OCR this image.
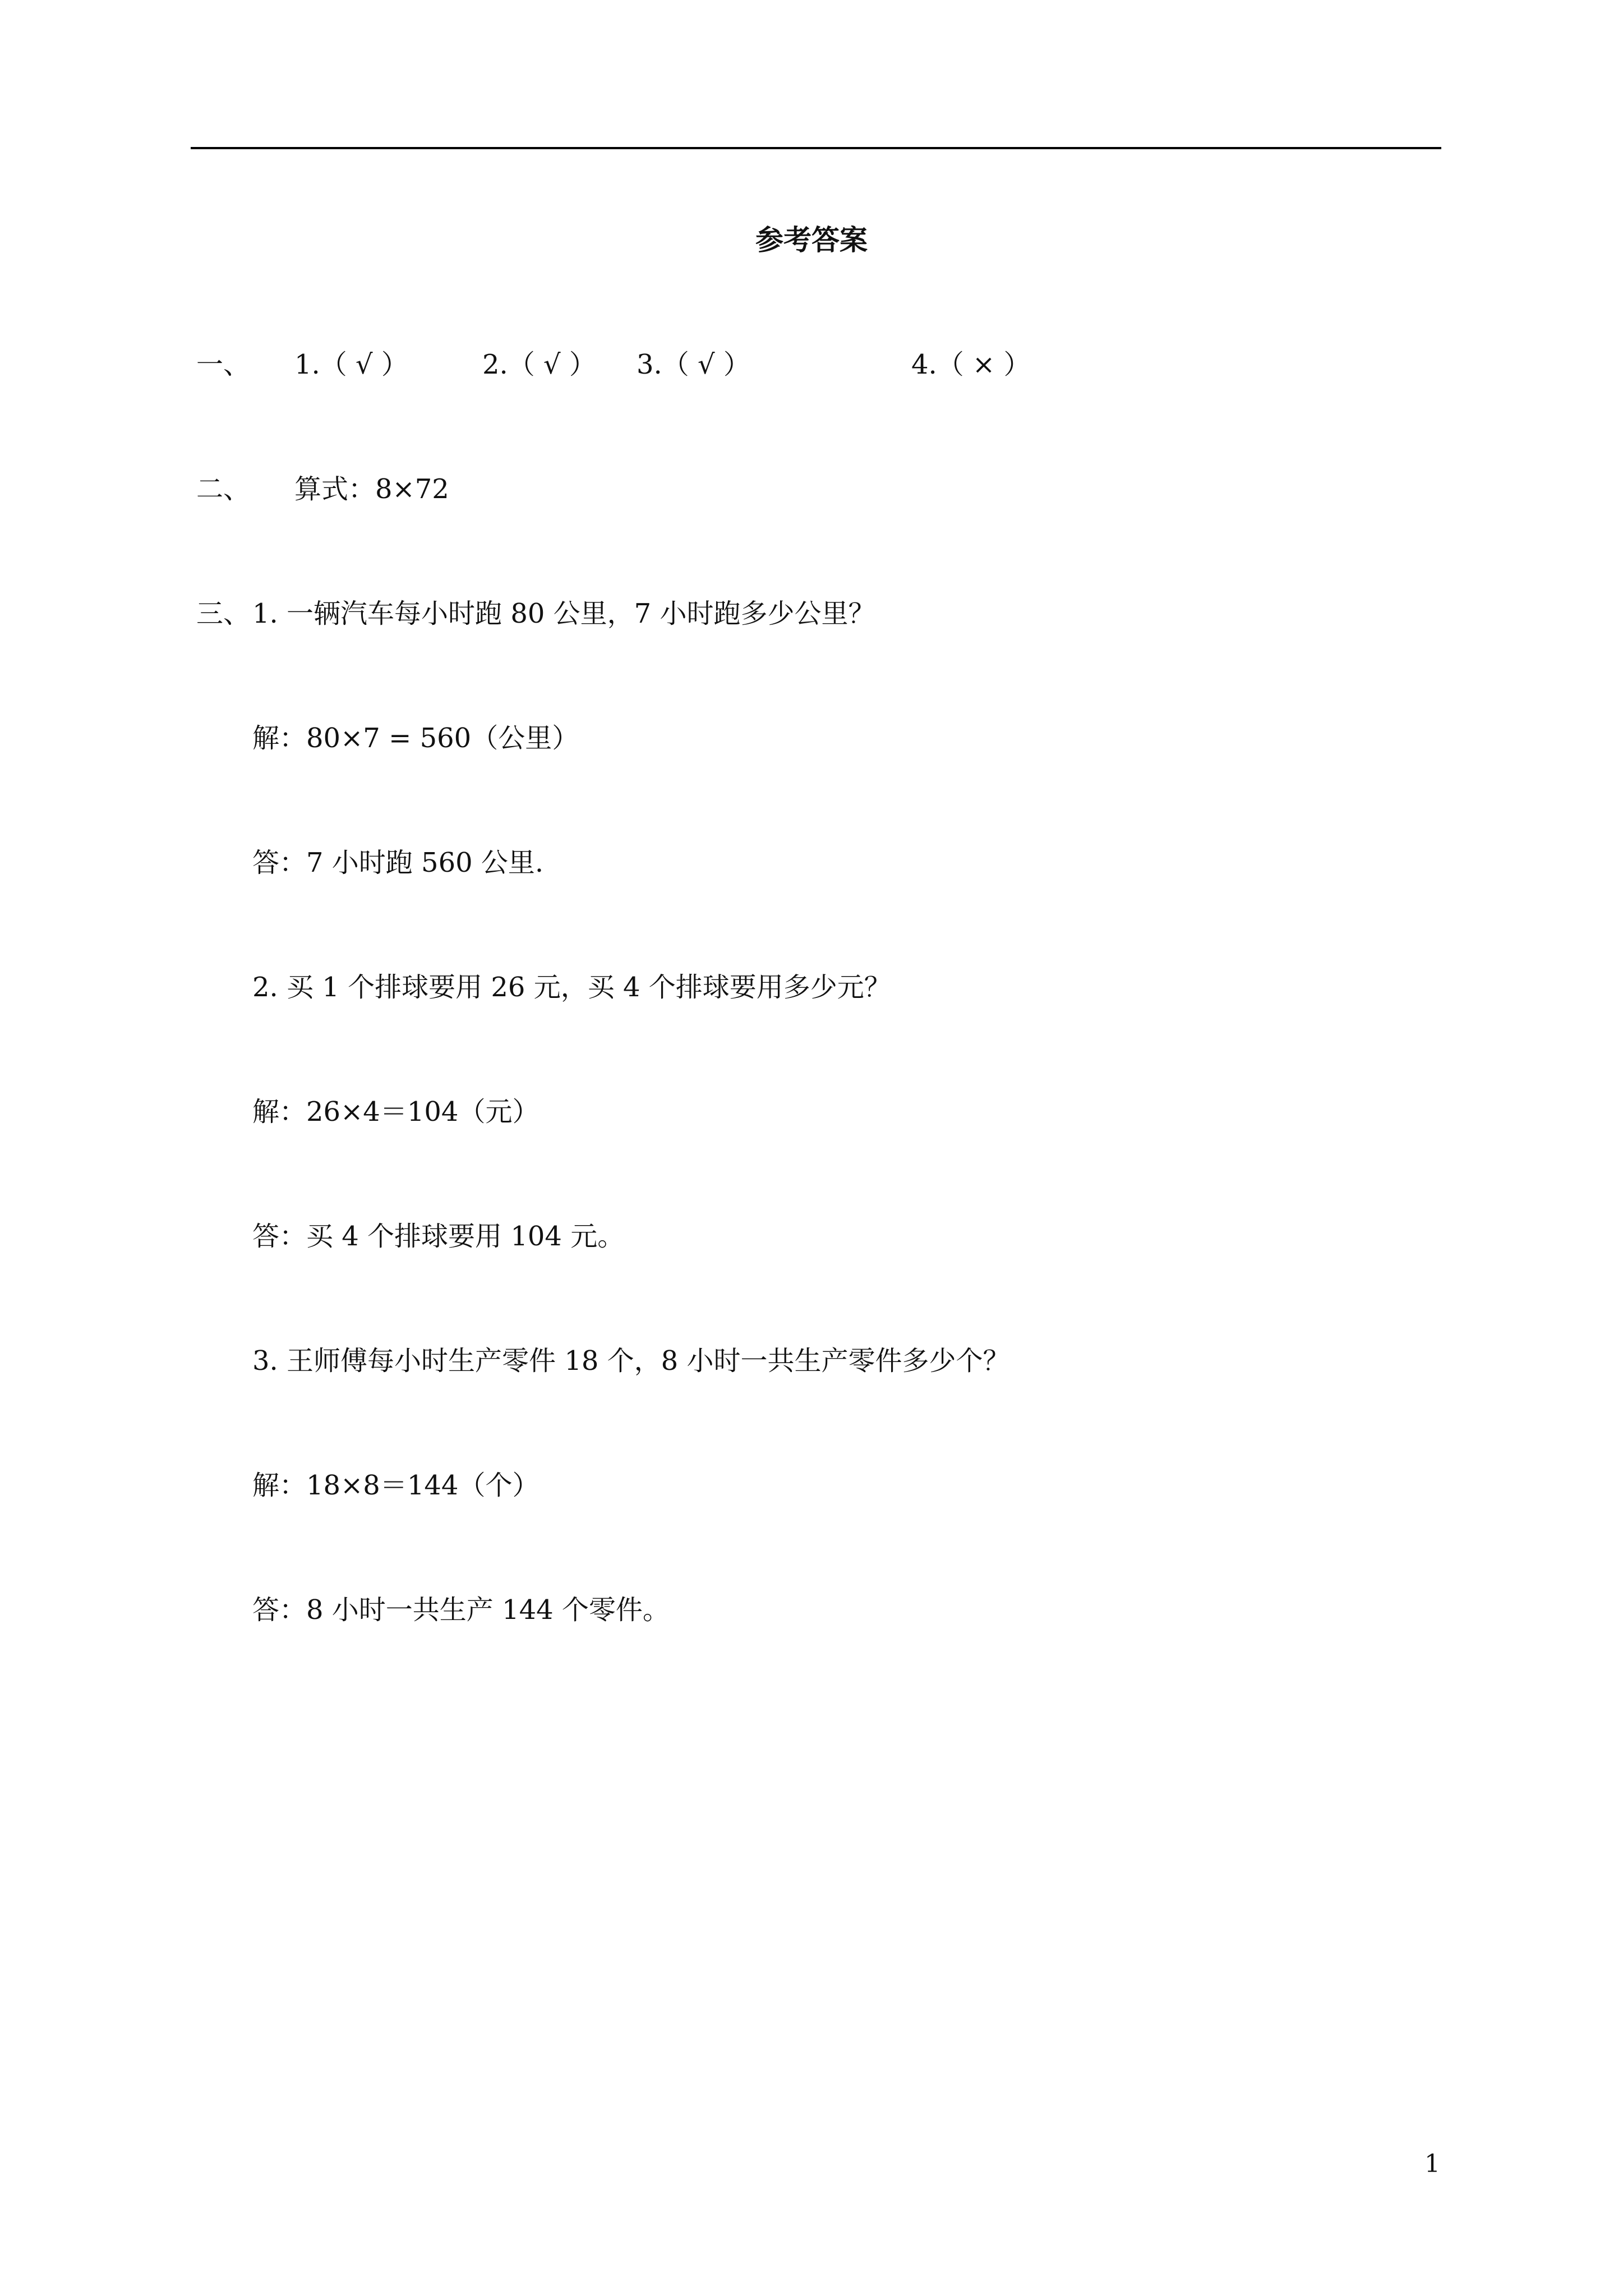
参考答案
一、 1.（ √ ）	2.（ √ ） 3.（ √ ）	4.（ × ）
二、 算式：8×72
三、 1. 一辆汽车每小时跑 80 公里，7 小时跑多少公里？
解：80×7 = 560（公里）
答：7 小时跑 560 公里.
2. 买 1 个排球要用 26 元，买 4 个排球要用多少元？
解：26×4＝104（元）
答：买 4 个排球要用 104 元。
3. 王师傅每小时生产零件 18 个，8 小时一共生产零件多少个？
解：18×8＝144（个）
答：8 小时一共生产 144 个零件。
1
